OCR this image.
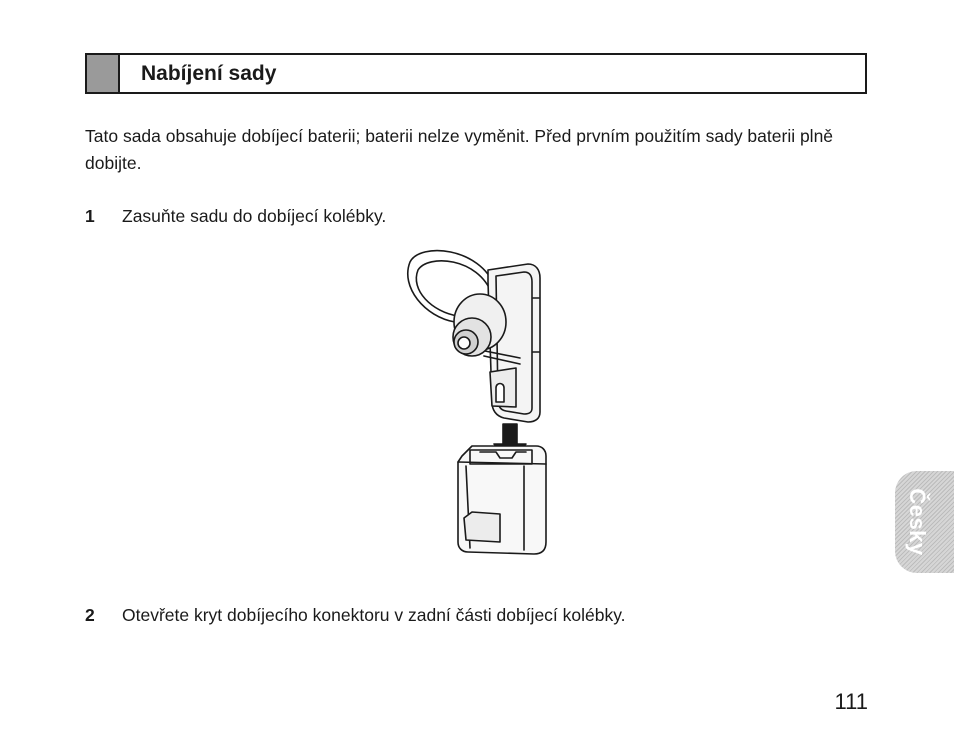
Nabíjení sady

Tato sada obsahuje dobíjecí baterii; baterii nelze vyměnit. Před prvním použitím sady baterii plně dobijte.

1	Zasuňte sadu do dobíjecí kolébky.
2	Otevřete kryt dobíjecího konektoru v zadní části dobíjecí kolébky.
Česky
111
